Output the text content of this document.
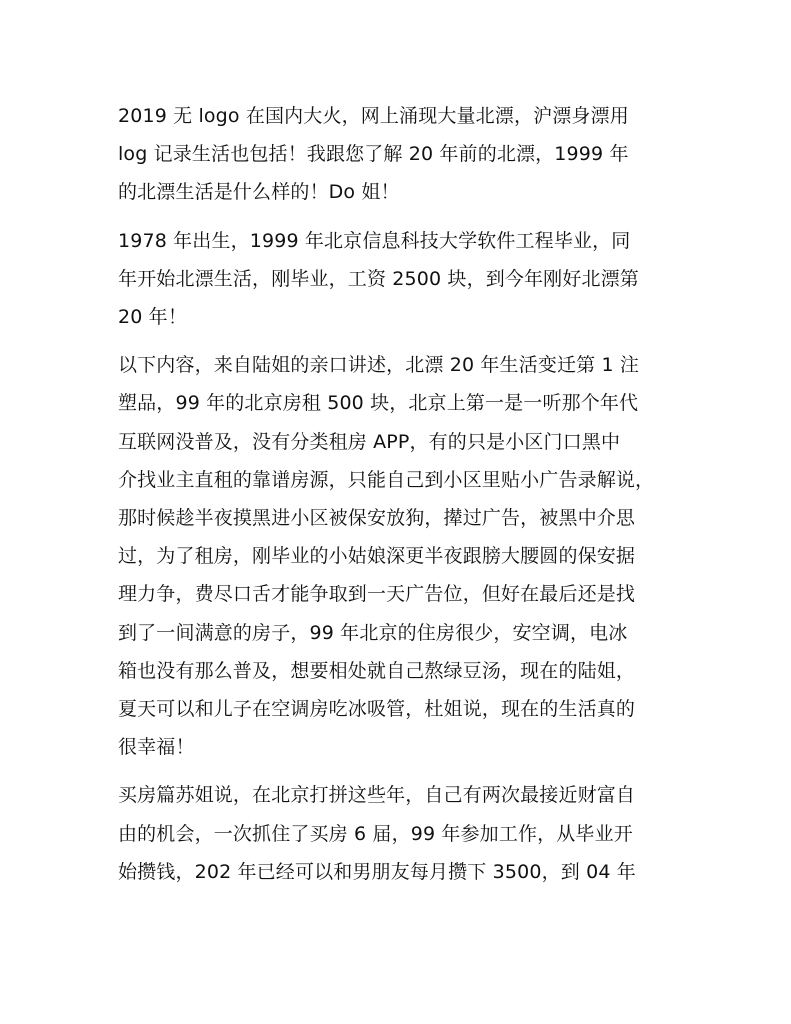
2019 无 logo 在国内大火，网上涌现大量北漂，沪漂身漂用
log 记录生活也包括！我跟您了解 20 年前的北漂，1999 年
的北漂生活是什么样的！Do 姐！

1978 年出生，1999 年北京信息科技大学软件工程毕业，同
年开始北漂生活，刚毕业，工资 2500 块，到今年刚好北漂第
20 年！

以下内容，来自陆姐的亲口讲述，北漂 20 年生活变迁第 1 注
塑品，99 年的北京房租 500 块，北京上第一是一听那个年代
互联网没普及，没有分类租房 APP，有的只是小区门口黑中
介找业主直租的靠谱房源，只能自己到小区里贴小广告录解说，
那时候趁半夜摸黑进小区被保安放狗，撵过广告，被黑中介思
过，为了租房，刚毕业的小姑娘深更半夜跟膀大腰圆的保安据
理力争，费尽口舌才能争取到一天广告位，但好在最后还是找
到了一间满意的房子，99 年北京的住房很少，安空调，电冰
箱也没有那么普及，想要相处就自己熬绿豆汤，现在的陆姐，
夏天可以和儿子在空调房吃冰吸管，杜姐说，现在的生活真的
很幸福！

买房篇苏姐说，在北京打拼这些年，自己有两次最接近财富自
由的机会，一次抓住了买房 6 届，99 年参加工作，从毕业开
始攒钱，202 年已经可以和男朋友每月攒下 3500，到 04 年
